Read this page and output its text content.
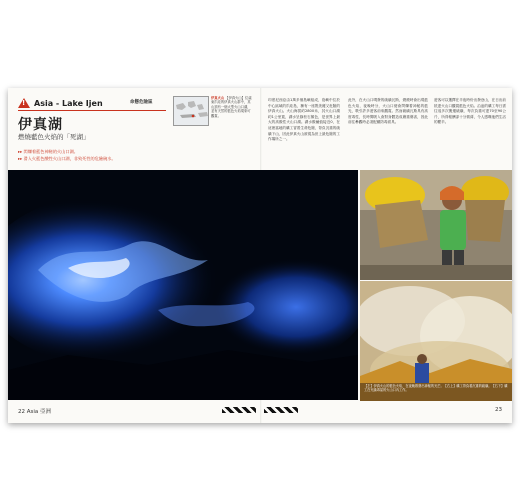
!
Asia - Lake Ijen	命懸危險區
伊真湖
燃燒藍色火焰的「死湖」
▸▸ 閃爍着藍色神秘的火山口湖。
▸▸ 滑入火藍色酸性火山口湖，非致死性的危險碗水。
伊真火山 【伊真火山】位處東爪哇的伊真火山群中，其山頂有一個大型火山口湖，並有天然的藍色火焰現象可觀賞。
印度尼西亞由1萬多個島嶼組成，島嶼中位於中心區域的爪哇島，擁有一座既美麗又危險的伊真火山。火山海拔約2800米，其火山口湖約1公里寬，湖水呈綠松石顏色，是世界上最大的高酸性火山口湖。湖水酸鹼值接近0，在這裡當地的礦工冒着生命危險，背負沉重的硫磺下山，因此伊真火山被視為世上最危險的工作場所之一。
此外，在火山口噴發的硫磺瓦斯，燃燒時會出現藍色火焰，夜晚時分，火山口便會閃爍着神秘的藍光，吸引許多遊客前來觀賞。然而硫磺瓦斯具有高度毒性，長時間吸入會對身體造成嚴重傷害，因此前往參觀時必須配戴防毒面具。
遊客可以選擇在半夜時份出發登山，在日出前抵達火山口觀賞藍色火焰。沿途的礦工每日需往返多次搬運硫磺，每次負重可達70至90公斤，所得報酬卻十分微薄，令人感嘆他們生活的艱辛。
【左】伊真火山的藍色火焰，在夜晚散發出神秘的光芒。【右上】礦工背負着沉重的硫磺。【右下】礦工在充滿毒氣的火山口內工作。
22 Asia 亞洲	23
